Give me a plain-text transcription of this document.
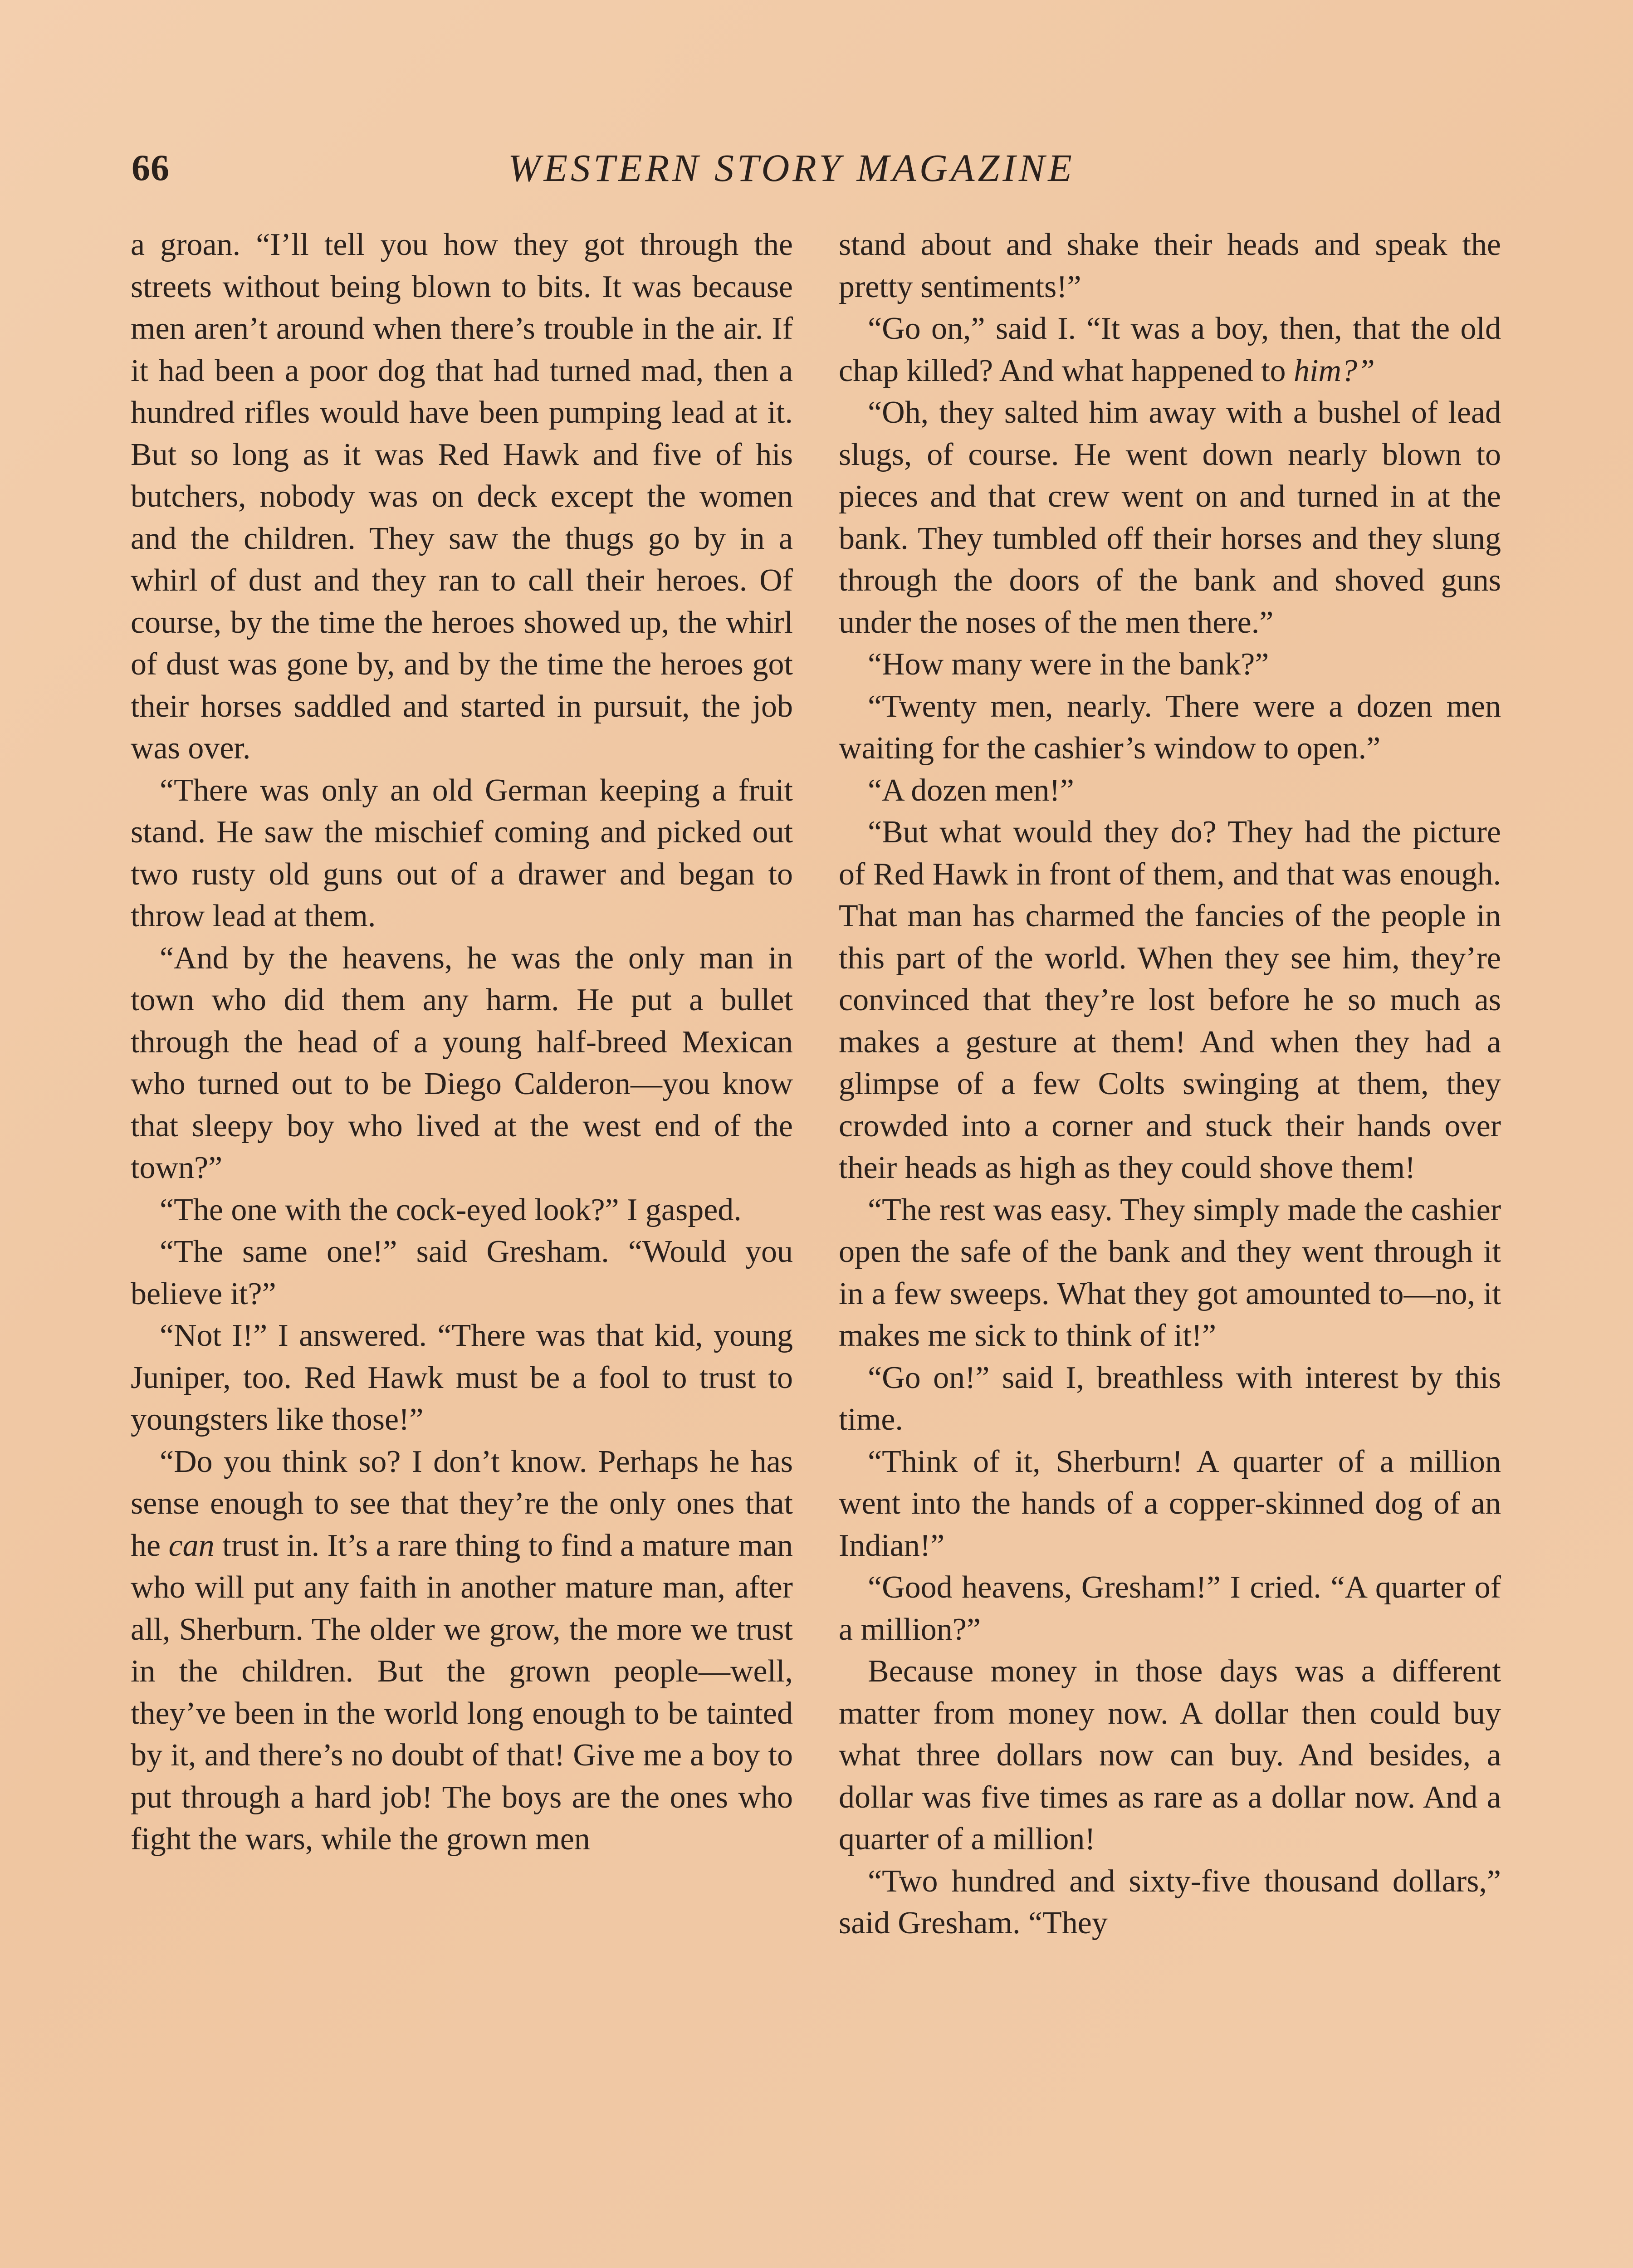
66	WESTERN STORY MAGAZINE

a groan. “I’ll tell you how they got through the streets without being blown to bits. It was because men aren’t around when there’s trouble in the air. If it had been a poor dog that had turned mad, then a hundred rifles would have been pumping lead at it. But so long as it was Red Hawk and five of his butchers, nobody was on deck except the women and the children. They saw the thugs go by in a whirl of dust and they ran to call their heroes. Of course, by the time the heroes showed up, the whirl of dust was gone by, and by the time the heroes got their horses saddled and started in pursuit, the job was over.

“There was only an old German keeping a fruit stand. He saw the mischief coming and picked out two rusty old guns out of a drawer and began to throw lead at them.

“And by the heavens, he was the only man in town who did them any harm. He put a bullet through the head of a young half-breed Mexican who turned out to be Diego Calderon—you know that sleepy boy who lived at the west end of the town?”

“The one with the cock-eyed look?” I gasped.

“The same one!” said Gresham. “Would you believe it?”

“Not I!” I answered. “There was that kid, young Juniper, too. Red Hawk must be a fool to trust to youngsters like those!”

“Do you think so? I don’t know. Perhaps he has sense enough to see that they’re the only ones that he can trust in. It’s a rare thing to find a mature man who will put any faith in another mature man, after all, Sherburn. The older we grow, the more we trust in the children. But the grown people—well, they’ve been in the world long enough to be tainted by it, and there’s no doubt of that! Give me a boy to put through a hard job! The boys are the ones who fight the wars, while the grown men

stand about and shake their heads and speak the pretty sentiments!”

“Go on,” said I. “It was a boy, then, that the old chap killed? And what happened to him?”

“Oh, they salted him away with a bushel of lead slugs, of course. He went down nearly blown to pieces and that crew went on and turned in at the bank. They tumbled off their horses and they slung through the doors of the bank and shoved guns under the noses of the men there.”

“How many were in the bank?”

“Twenty men, nearly. There were a dozen men waiting for the cashier’s window to open.”

“A dozen men!”

“But what would they do? They had the picture of Red Hawk in front of them, and that was enough. That man has charmed the fancies of the people in this part of the world. When they see him, they’re convinced that they’re lost before he so much as makes a gesture at them! And when they had a glimpse of a few Colts swinging at them, they crowded into a corner and stuck their hands over their heads as high as they could shove them!

“The rest was easy. They simply made the cashier open the safe of the bank and they went through it in a few sweeps. What they got amounted to—no, it makes me sick to think of it!”

“Go on!” said I, breathless with interest by this time.

“Think of it, Sherburn! A quarter of a million went into the hands of a copper-skinned dog of an Indian!”

“Good heavens, Gresham!” I cried. “A quarter of a million?”

Because money in those days was a different matter from money now. A dollar then could buy what three dollars now can buy. And besides, a dollar was five times as rare as a dollar now. And a quarter of a million!

“Two hundred and sixty-five thousand dollars,” said Gresham. “They
